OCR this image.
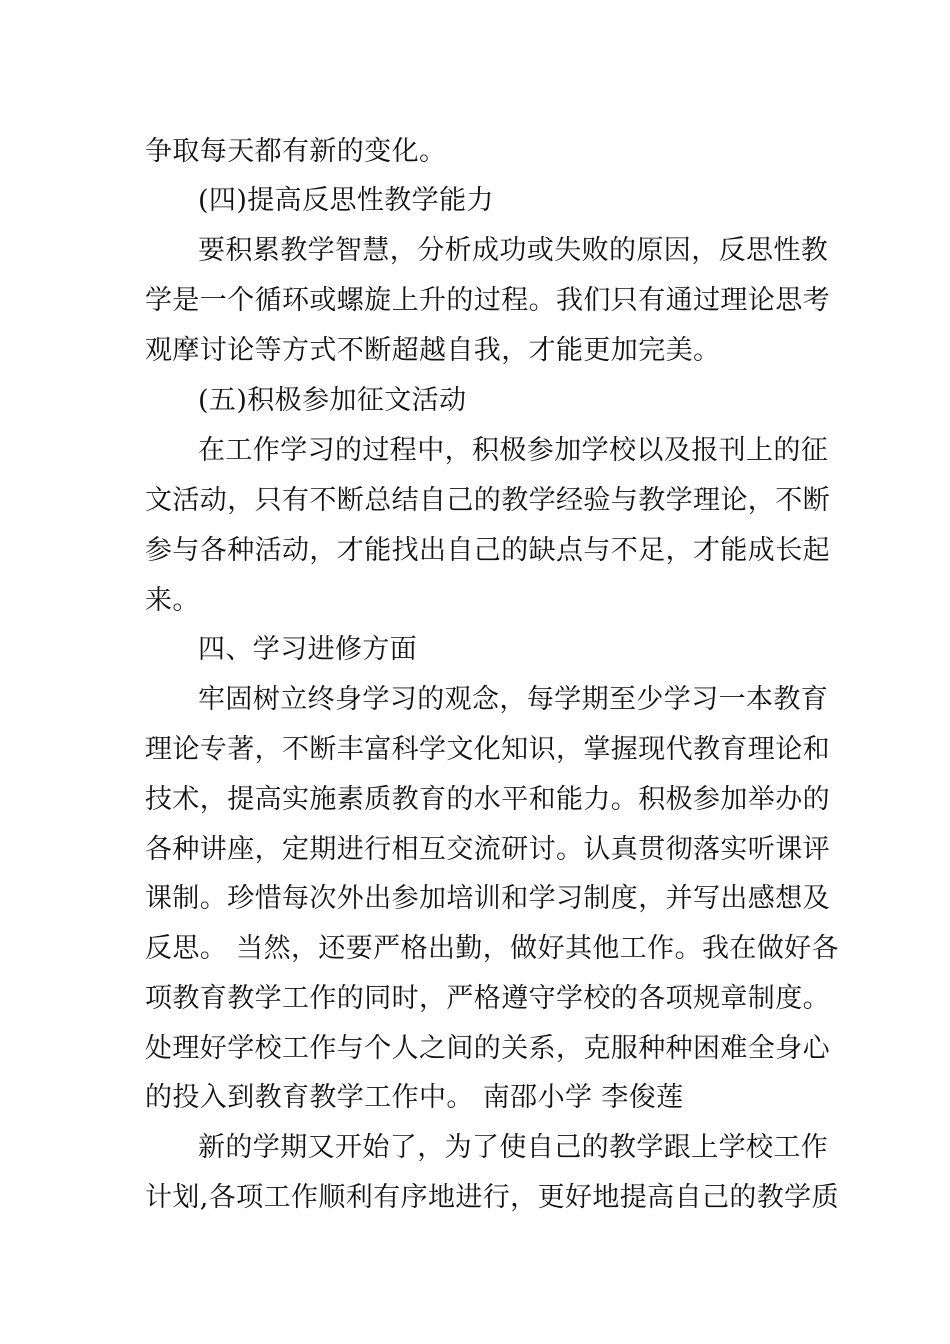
争取每天都有新的变化。
(四)提高反思性教学能力
要积累教学智慧，分析成功或失败的原因，反思性教
学是一个循环或螺旋上升的过程。我们只有通过理论思考
观摩讨论等方式不断超越自我，才能更加完美。
(五)积极参加征文活动
在工作学习的过程中，积极参加学校以及报刊上的征
文活动，只有不断总结自己的教学经验与教学理论，不断
参与各种活动，才能找出自己的缺点与不足，才能成长起
来。
四、学习进修方面
牢固树立终身学习的观念，每学期至少学习一本教育
理论专著，不断丰富科学文化知识，掌握现代教育理论和
技术，提高实施素质教育的水平和能力。积极参加举办的
各种讲座，定期进行相互交流研讨。认真贯彻落实听课评
课制。珍惜每次外出参加培训和学习制度，并写出感想及
反思。 当然，还要严格出勤，做好其他工作。我在做好各
项教育教学工作的同时，严格遵守学校的各项规章制度。
处理好学校工作与个人之间的关系，克服种种困难全身心
的投入到教育教学工作中。 南邵小学 李俊莲
新的学期又开始了，为了使自己的教学跟上学校工作
计划,各项工作顺利有序地进行，更好地提高自己的教学质
